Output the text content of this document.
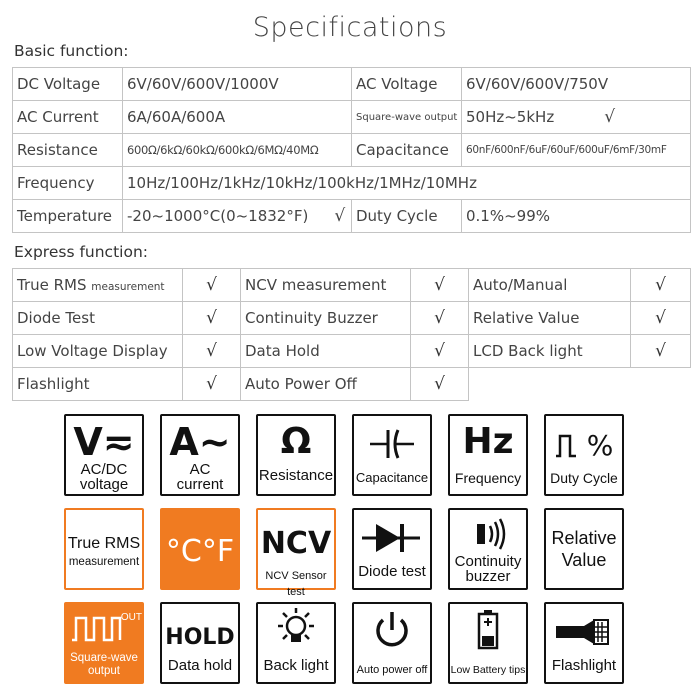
Specifications
Basic function:
DC Voltage	6V/60V/600V/1000V	AC Voltage	6V/60V/600V/750V
AC Current	6A/60A/600A	Square-wave output	50Hz~5kHz √
Resistance	600Ω/6kΩ/60kΩ/600kΩ/6MΩ/40MΩ	Capacitance	60nF/600nF/6uF/60uF/600uF/6mF/30mF
Frequency	10Hz/100Hz/1kHz/10kHz/100kHz/1MHz/10MHz		
Temperature	-20~1000°C(0~1832°F) √	Duty Cycle	0.1%~99%
Express function:
True RMS measurement	√	NCV measurement	√	Auto/Manual	√
Diode Test	√	Continuity Buzzer	√	Relative Value	√
Low Voltage Display	√	Data Hold	√	LCD Back light	√
Flashlight	√	Auto Power Off	√		
V≂
AC/DC
voltage
A~
AC
current
Ω
Resistance Capacitance
Hz
Frequency
%
Duty Cycle
True RMS
measurement °C°F NCV
NCV Sensor test
Diode test
Continuity
buzzer
Relative
Value
OUT
Square-wave
output
HOLD
Data hold	Back light	Auto power off Low Battery tips	Flashlight
